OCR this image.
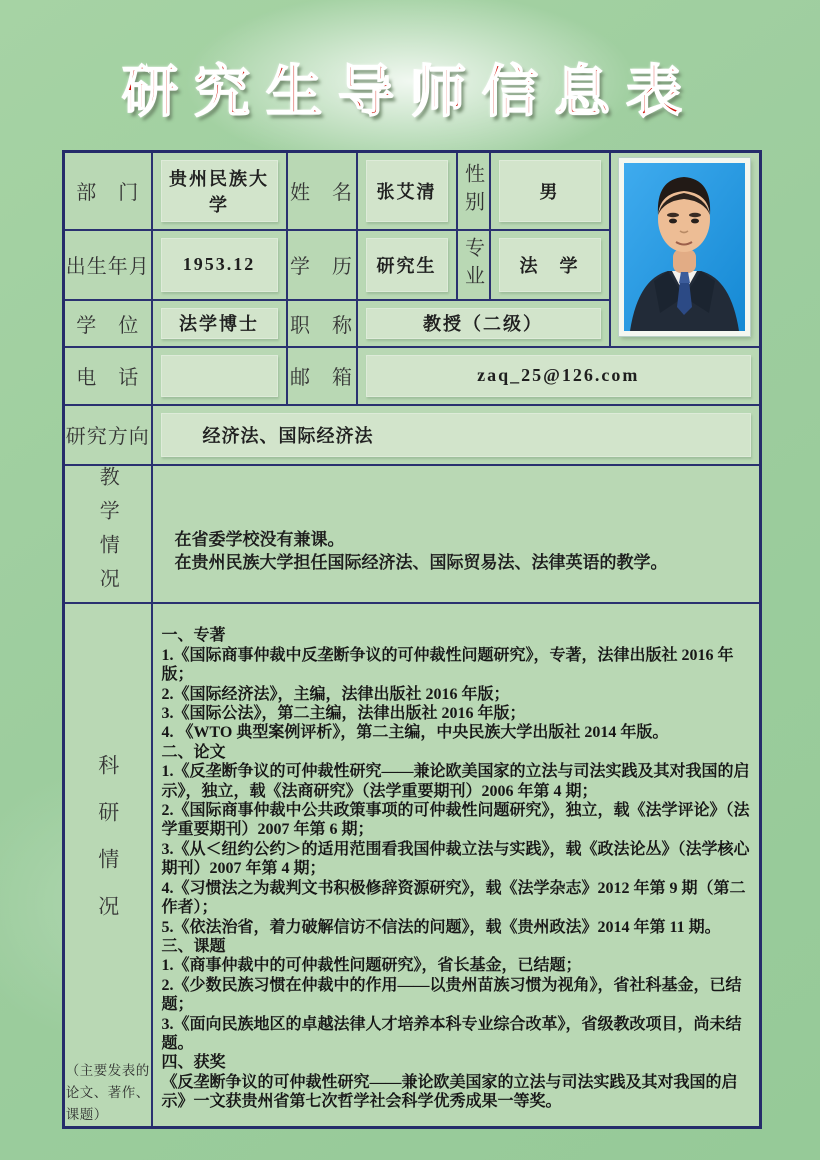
研究生导师信息表
部　门	贵州民族大学	姓　名	张艾清	性别	男

出生年月	1953.12	学　历	研究生	专业	法　学	

学　位	法学博士	职　称	教授（二级）			

电　话		邮　箱	zaq_25@126.com			

研究方向	经济法、国际经济法					

教学情况	在省委学校没有兼课。

在贵州民族大学担任国际经济法、国际贸易法、法律英语的教学。					

科研情况
（主要发表的论文、著作、课题）

一、专著

1.《国际商事仲裁中反垄断争议的可仲裁性问题研究》，专著，法律出版社 2016 年版；

2.《国际经济法》，主编，法律出版社 2016 年版；

3.《国际公法》，第二主编，法律出版社 2016 年版；

4. 《WTO 典型案例评析》，第二主编，中央民族大学出版社 2014 年版。

二、论文

1.《反垄断争议的可仲裁性研究——兼论欧美国家的立法与司法实践及其对我国的启示》，独立，载《法商研究》（法学重要期刊）2006 年第 4 期；

2.《国际商事仲裁中公共政策事项的可仲裁性问题研究》，独立，载《法学评论》（法学重要期刊）2007 年第 6 期；

3.《从＜纽约公约＞的适用范围看我国仲裁立法与实践》，载《政法论丛》（法学核心期刊）2007 年第 4 期；

4.《习惯法之为裁判文书积极修辞资源研究》，载《法学杂志》2012 年第 9 期（第二作者）；

5.《依法治省，着力破解信访不信法的问题》，载《贵州政法》2014 年第 11 期。

三、课题

1.《商事仲裁中的可仲裁性问题研究》，省长基金，已结题；

2.《少数民族习惯在仲裁中的作用——以贵州苗族习惯为视角》，省社科基金，已结题；

3.《面向民族地区的卓越法律人才培养本科专业综合改革》，省级教改项目，尚未结题。

四、获奖

《反垄断争议的可仲裁性研究——兼论欧美国家的立法与司法实践及其对我国的启示》一文获贵州省第七次哲学社会科学优秀成果一等奖。
